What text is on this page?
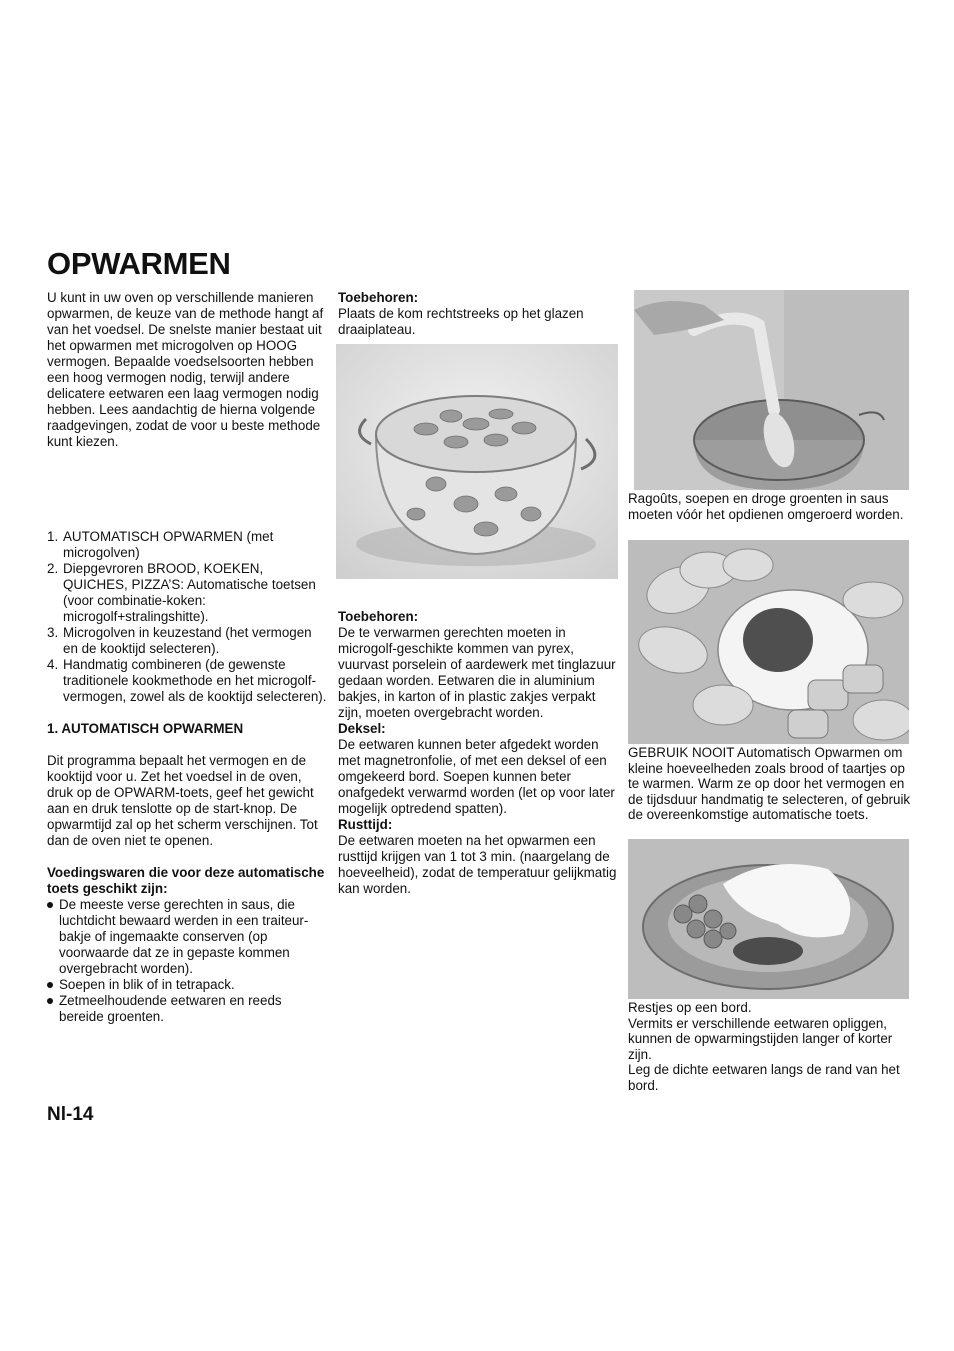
OPWARMEN

U kunt in uw oven op verschillende manieren opwarmen, de keuze van de methode hangt af van het voedsel. De snelste manier bestaat uit het opwarmen met microgolven op HOOG vermogen. Bepaalde voedselsoorten hebben een hoog vermogen nodig, terwijl andere delicatere eetwaren een laag vermogen nodig hebben. Lees aandachtig de hierna volgende raadgevingen, zodat de voor u beste methode kunt kiezen.

1. AUTOMATISCH OPWARMEN (met microgolven)
2. Diepgevroren BROOD, KOEKEN, QUICHES, PIZZA’S: Automatische toetsen (voor combinatie-koken: microgolf+stralingshitte).
3. Microgolven in keuzestand (het vermogen en de kooktijd selecteren).
4. Handmatig combineren (de gewenste traditionele kookmethode en het microgolf-vermogen, zowel als de kooktijd selecteren).

1. AUTOMATISCH OPWARMEN

Dit programma bepaalt het vermogen en de kooktijd voor u. Zet het voedsel in de oven, druk op de OPWARM-toets, geef het gewicht aan en druk tenslotte op de start-knop. De opwarmtijd zal op het scherm verschijnen. Tot dan de oven niet te openen.

Voedingswaren die voor deze automatische toets geschikt zijn:

De meeste verse gerechten in saus, die luchtdicht bewaard werden in een traiteur-bakje of ingemaakte conserven (op voorwaarde dat ze in gepaste kommen overgebracht worden).
Soepen in blik of in tetrapack.
Zetmeelhoudende eetwaren en reeds bereide groenten.

Toebehoren:

Plaats de kom rechtstreeks op het glazen draaiplateau.

Toebehoren:

De te verwarmen gerechten moeten in microgolf-geschikte kommen van pyrex, vuurvast porselein of aardewerk met tinglazuur gedaan worden. Eetwaren die in aluminium bakjes, in karton of in plastic zakjes verpakt zijn, moeten overgebracht worden.

Deksel:

De eetwaren kunnen beter afgedekt worden met magnetronfolie, of met een deksel of een omgekeerd bord. Soepen kunnen beter onafgedekt verwarmd worden (let op voor later mogelijk optredend spatten).

Rusttijd:

De eetwaren moeten na het opwarmen een rusttijd krijgen van 1 tot 3 min. (naargelang de hoeveelheid), zodat de temperatuur gelijkmatig kan worden.

Ragoûts, soepen en droge groenten in saus moeten vóór het opdienen omgeroerd worden.

GEBRUIK NOOIT Automatisch Opwarmen om kleine hoeveelheden zoals brood of taartjes op te warmen. Warm ze op door het vermogen en de tijdsduur handmatig te selecteren, of gebruik de overeenkomstige automatische toets.

Restjes op een bord.

Vermits er verschillende eetwaren opliggen, kunnen de opwarmingstijden langer of korter zijn.

Leg de dichte eetwaren langs de rand van het bord.

Nl-14
